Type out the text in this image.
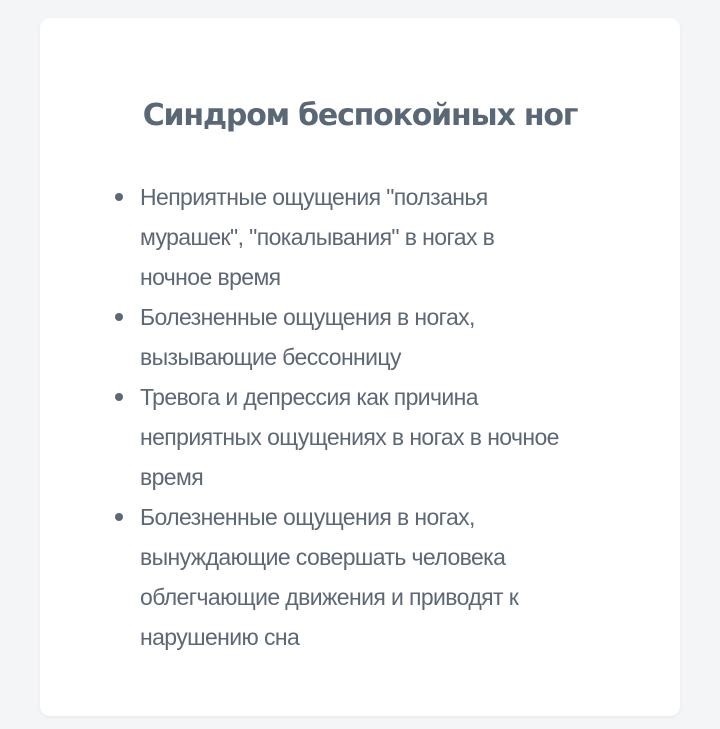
Синдром беспокойных ног
Неприятные ощущения "ползанья мурашек", "покалывания" в ногах в ночное время
Болезненные ощущения в ногах, вызывающие бессонницу
Тревога и депрессия как причина неприятных ощущениях в ногах в ночное время
Болезненные ощущения в ногах, вынуждающие совершать человека облегчающие движения и приводят к нарушению сна
